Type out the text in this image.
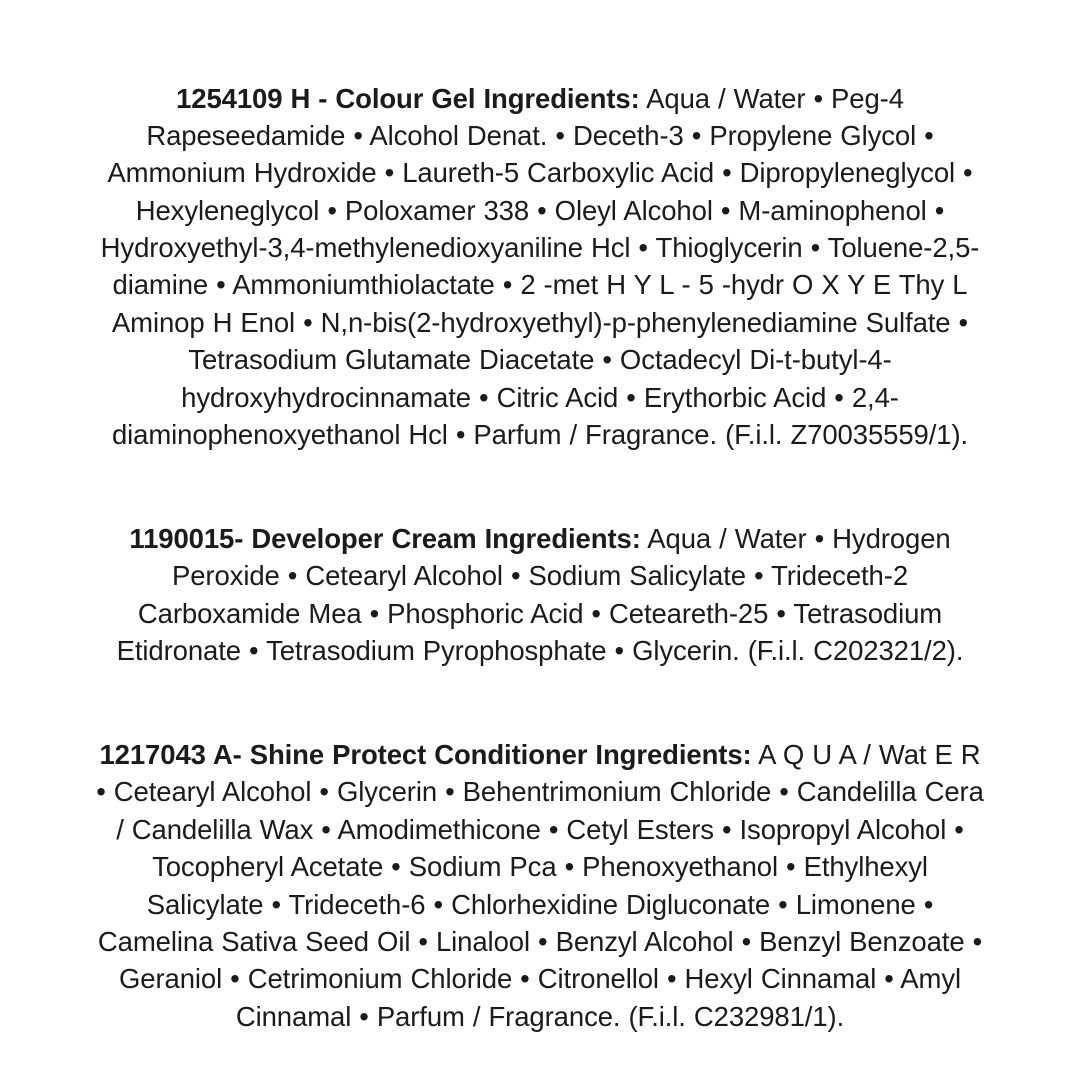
1254109 H - Colour Gel Ingredients: Aqua / Water • Peg-4 Rapeseedamide • Alcohol Denat. • Deceth-3 • Propylene Glycol • Ammonium Hydroxide • Laureth-5 Carboxylic Acid • Dipropyleneglycol • Hexyleneglycol • Poloxamer 338 • Oleyl Alcohol • M-aminophenol • Hydroxyethyl-3,4-methylenedioxyaniline Hcl • Thioglycerin • Toluene-2,5-diamine • Ammoniumthiolactate • 2 -met H Y L - 5 -hydr O X Y E Thy L Aminop H Enol • N,n-bis(2-hydroxyethyl)-p-phenylenediamine Sulfate • Tetrasodium Glutamate Diacetate • Octadecyl Di-t-butyl-4-hydroxyhydrocinnamate • Citric Acid • Erythorbic Acid • 2,4-diaminophenoxyethanol Hcl • Parfum / Fragrance. (F.i.l. Z70035559/1).

1190015- Developer Cream Ingredients: Aqua / Water • Hydrogen Peroxide • Cetearyl Alcohol • Sodium Salicylate • Trideceth-2 Carboxamide Mea • Phosphoric Acid • Ceteareth-25 • Tetrasodium Etidronate • Tetrasodium Pyrophosphate • Glycerin. (F.i.l. C202321/2).

1217043 A- Shine Protect Conditioner Ingredients: A Q U A / Wat E R • Cetearyl Alcohol • Glycerin • Behentrimonium Chloride • Candelilla Cera / Candelilla Wax • Amodimethicone • Cetyl Esters • Isopropyl Alcohol • Tocopheryl Acetate • Sodium Pca • Phenoxyethanol • Ethylhexyl Salicylate • Trideceth-6 • Chlorhexidine Digluconate • Limonene • Camelina Sativa Seed Oil • Linalool • Benzyl Alcohol • Benzyl Benzoate • Geraniol • Cetrimonium Chloride • Citronellol • Hexyl Cinnamal • Amyl Cinnamal • Parfum / Fragrance. (F.i.l. C232981/1).
